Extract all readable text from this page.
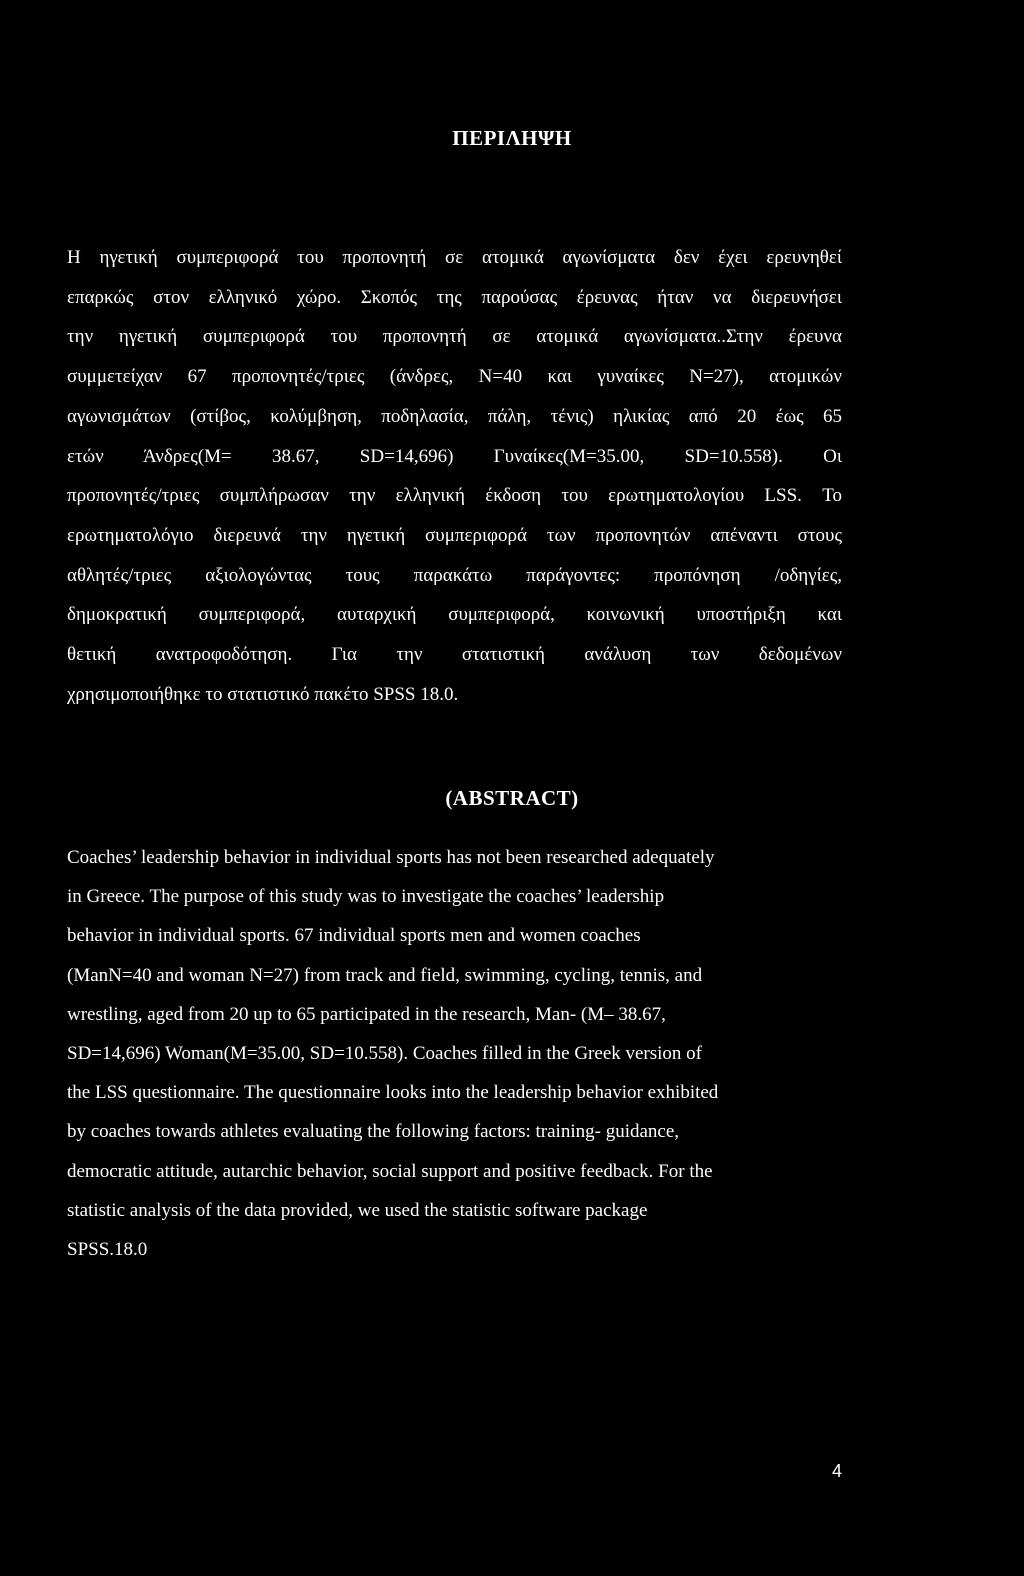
ΠΕΡΙΛΗΨΗ

Η ηγετική συμπεριφορά του προπονητή σε ατομικά αγωνίσματα δεν έχει ερευνηθεί
επαρκώς στον ελληνικό χώρο. Σκοπός της παρούσας έρευνας ήταν να διερευνήσει
την ηγετική συμπεριφορά του προπονητή σε ατομικά αγωνίσματα..Στην έρευνα
συμμετείχαν 67 προπονητές/τριες (άνδρες, Ν=40 και γυναίκες Ν=27), ατομικών
αγωνισμάτων (στίβος, κολύμβηση, ποδηλασία, πάλη, τένις) ηλικίας από 20 έως 65
ετών Άνδρες(Μ= 38.67, SD=14,696) Γυναίκες(Μ=35.00, SD=10.558). Οι
προπονητές/τριες συμπλήρωσαν την ελληνική έκδοση του ερωτηματολογίου LSS. Το
ερωτηματολόγιο διερευνά την ηγετική συμπεριφορά των προπονητών απέναντι στους
αθλητές/τριες αξιολογώντας τους παρακάτω παράγοντες: προπόνηση /οδηγίες,
δημοκρατική συμπεριφορά, αυταρχική συμπεριφορά, κοινωνική υποστήριξη και
θετική ανατροφοδότηση. Για την στατιστική ανάλυση των δεδομένων
χρησιμοποιήθηκε το στατιστικό πακέτο SPSS 18.0.

(ABSTRACT)

Coaches’ leadership behavior in individual sports has not been researched adequately
in Greece. The purpose of this study was to investigate the coaches’ leadership
behavior in individual sports. 67 individual sports men and women coaches
(ManN=40 and woman N=27) from track and field, swimming, cycling, tennis, and
wrestling, aged from 20 up to 65 participated in the research, Man- (M– 38.67,
SD=14,696) Woman(M=35.00, SD=10.558). Coaches filled in the Greek version of
the LSS questionnaire. The questionnaire looks into the leadership behavior exhibited
by coaches towards athletes evaluating the following factors: training- guidance,
democratic attitude, autarchic behavior, social support and positive feedback. For the
statistic analysis of the data provided, we used the statistic software package
SPSS.18.0

4
